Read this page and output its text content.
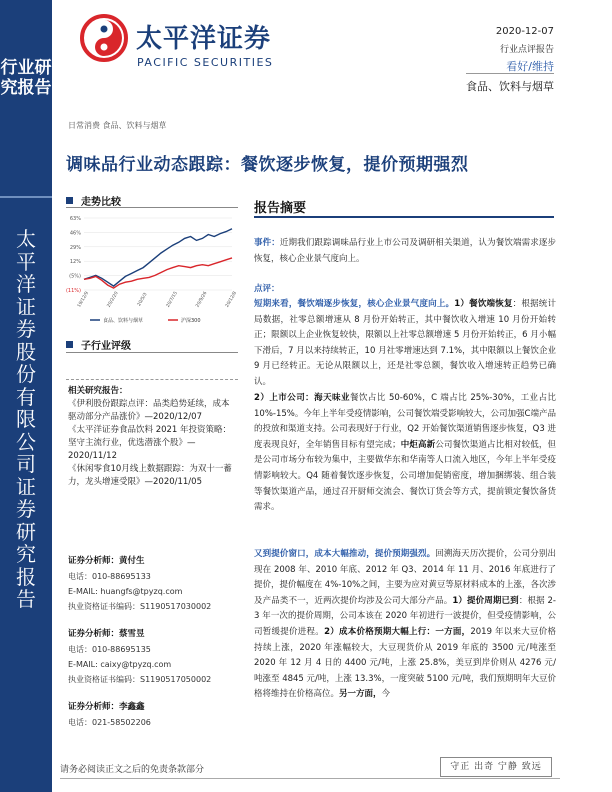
行业研究报告
太
平
洋
证
券
股
份
有
限
公
司
证
券
研
究
报
告
太平洋证券
PACIFIC SECURITIES
2020-12-07
行业点评报告
看好/维持
食品、饮料与烟草
日常消费 食品、饮料与烟草
调味品行业动态跟踪：餐饮逐步恢复，提价预期强烈
走势比较
63%
46%
29%
12%
(5%)
(11%)
19/12/9	20/2/20	20/5/3	20/7/15	20/9/26	20/12/8
食品、饮料与烟草	沪深300
子行业评级
相关研究报告：
《伊利股份跟踪点评：品类趋势延续，成本驱动部分产品涨价》—2020/12/07
《太平洋证券食品饮料 2021 年投资策略：坚守主流行业，优选潜涨个股》—2020/11/12
《休闲零食10月线上数据跟踪：为双十一蓄力，龙头增速受限》—2020/11/05
证券分析师：黄付生
电话：010-88695133
E-MAIL: huangfs@tpyzq.com
执业资格证书编码：S1190517030002
证券分析师：蔡雪昱
电话：010-88695135
E-MAIL: caixy@tpyzq.com
执业资格证书编码：S1190517050002
证券分析师：李鑫鑫
电话：021-58502206
报告摘要
事件：近期我们跟踪调味品行业上市公司及调研相关渠道，认为餐饮端需求逐步恢复，核心企业景气度向上。
点评：
短期来看，餐饮端逐步恢复，核心企业景气度向上。1）餐饮端恢复：根据统计局数据，社零总额增速从 8 月份开始转正，其中餐饮收入增速 10 月份开始转正；限额以上企业恢复较快，限额以上社零总额增速 5 月份开始转正，6 月小幅下滑后，7 月以来持续转正，10 月社零增速达到 7.1%，其中限额以上餐饮企业 9 月已经转正。无论从限额以上，还是社零总额，餐饮收入增速转正趋势已确认。
2）上市公司：海天味业餐饮占比 50-60%，C 端占比 25%-30%，工业占比 10%-15%。今年上半年受疫情影响，公司餐饮端受影响较大，公司加强C端产品的投放和渠道支持。公司表现好于行业，Q2 开始餐饮渠道销售逐步恢复，Q3 进度表现良好，全年销售目标有望完成；中炬高新公司餐饮渠道占比相对较低，但是公司市场分布较为集中，主要做华东和华南等人口流入地区，今年上半年受疫情影响较大。Q4 随着餐饮逐步恢复，公司增加促销密度，增加捆绑装、组合装等餐饮渠道产品，通过召开厨师交流会、餐饮订货会等方式，提前锁定餐饮备货需求。
又到提价窗口，成本大幅推动，提价预期强烈。回溯海天历次提价，公司分别出现在 2008 年、2010 年底、2012 年 Q3、2014 年 11 月、2016 年底进行了提价，提价幅度在 4%-10%之间，主要为应对黄豆等原材料成本的上涨，各次涉及产品类不一，近两次提价均涉及公司大部分产品。1）提价周期已到：根据 2-3 年一次的提价周期，公司本该在 2020 年初进行一波提价，但受疫情影响，公司暂缓提价进程。2）成本价格预期大幅上行：一方面，2019 年以来大豆价格持续上涨，2020 年涨幅较大，大豆现货价从 2019 年底的 3500 元/吨涨至 2020 年 12 月 4 日的 4400 元/吨，上涨 25.8%，美豆到岸价则从 4276 元/吨涨至 4845 元/吨，上涨 13.3%，一度突破 5100 元/吨，我们预期明年大豆价格将维持在价格高位。另一方面，今
请务必阅读正文之后的免责条款部分	守正 出奇 宁静 致远
